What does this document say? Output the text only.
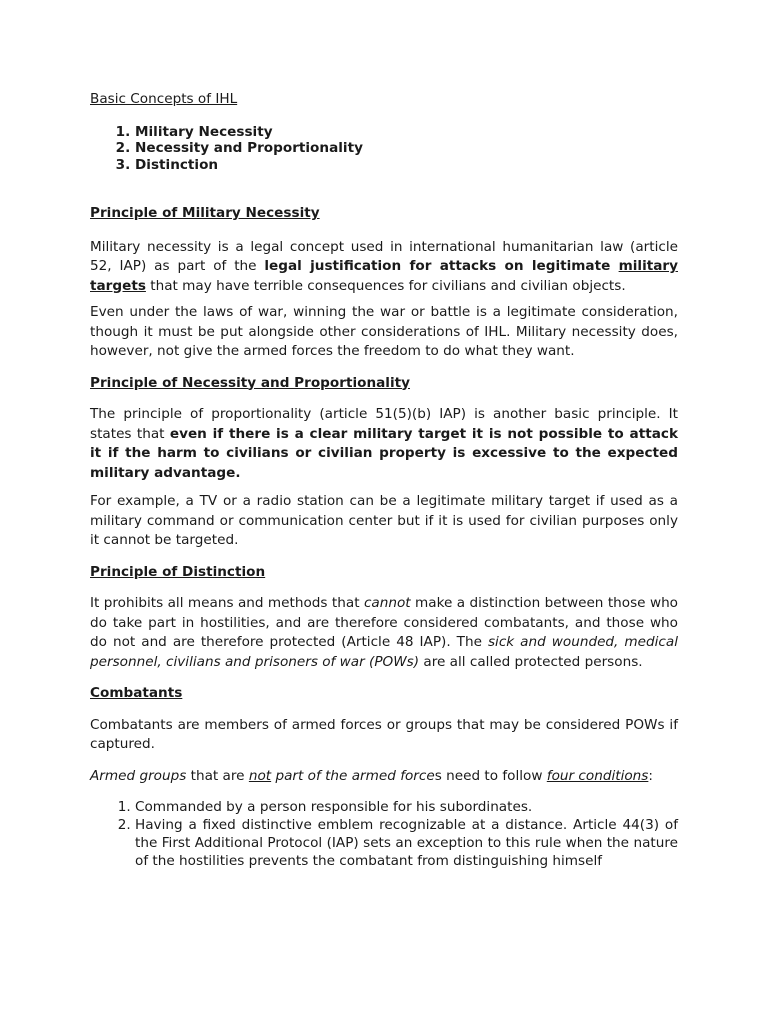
Basic Concepts of IHL
1. Military Necessity
2. Necessity and Proportionality
3. Distinction
Principle of Military Necessity

Military necessity is a legal concept used in international humanitarian law (article 52, IAP) as part of the legal justification for attacks on legitimate military targets that may have terrible consequences for civilians and civilian objects.

Even under the laws of war, winning the war or battle is a legitimate consideration, though it must be put alongside other considerations of IHL. Military necessity does, however, not give the armed forces the freedom to do what they want.

Principle of Necessity and Proportionality

The principle of proportionality (article 51(5)(b) IAP) is another basic principle. It states that even if there is a clear military target it is not possible to attack it if the harm to civilians or civilian property is excessive to the expected military advantage.

For example, a TV or a radio station can be a legitimate military target if used as a military command or communication center but if it is used for civilian purposes only it cannot be targeted.

Principle of Distinction

It prohibits all means and methods that cannot make a distinction between those who do take part in hostilities, and are therefore considered combatants, and those who do not and are therefore protected (Article 48 IAP). The sick and wounded, medical personnel, civilians and prisoners of war (POWs) are all called protected persons.

Combatants

Combatants are members of armed forces or groups that may be considered POWs if captured.

Armed groups that are not part of the armed forces need to follow four conditions:

1. Commanded by a person responsible for his subordinates.
2. Having a fixed distinctive emblem recognizable at a distance. Article 44(3) of the First Additional Protocol (IAP) sets an exception to this rule when the nature of the hostilities prevents the combatant from distinguishing himself
